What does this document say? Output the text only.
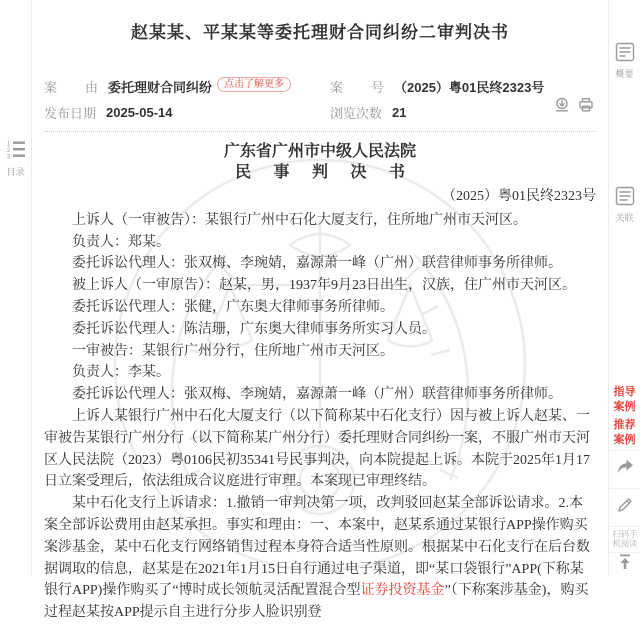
1
2
3
目录
概要
关联
指导案例
推荐案例
扫码手机阅读
赵某某、平某某等委托理财合同纠纷二审判决书
案由 委托理财合同纠纷	点击了解更多	案号 （2025）粤01民终2323号
发布日期 2025-05-14	浏览次数 21
广东省广州市中级人民法院
民 事 判 决 书
（2025）粤01民终2323号

上诉人（一审被告）：某银行广州中石化大厦支行，住所地广州市天河区。

负责人：郑某。

委托诉讼代理人：张双梅、李琬婧，嘉源萧一峰（广州）联营律师事务所律师。

被上诉人（一审原告）：赵某，男，1937年9月23日出生，汉族，住广州市天河区。

委托诉讼代理人：张健，广东奥大律师事务所律师。

委托诉讼代理人：陈洁珊，广东奥大律师事务所实习人员。

一审被告：某银行广州分行，住所地广州市天河区。

负责人：李某。

委托诉讼代理人：张双梅、李琬婧，嘉源萧一峰（广州）联营律师事务所律师。

上诉人某银行广州中石化大厦支行（以下简称某中石化支行）因与被上诉人赵某、一审被告某银行广州分行（以下简称某广州分行）委托理财合同纠纷一案，不服广州市天河区人民法院（2023）粤0106民初35341号民事判决，向本院提起上诉。本院于2025年1月17日立案受理后，依法组成合议庭进行审理。本案现已审理终结。

某中石化支行上诉请求：1.撤销一审判决第一项，改判驳回赵某全部诉讼请求。2.本案全部诉讼费用由赵某承担。事实和理由：一、本案中，赵某系通过某银行APP操作购买案涉基金，某中石化支行网络销售过程本身符合适当性原则。根据某中石化支行在后台数据调取的信息，赵某是在2021年1月15日自行通过电子渠道，即“某口袋银行”APP(下称某银行APP)操作购买了“博时成长领航灵活配置混合型证券投资基金”（下称案涉基金)，购买过程赵某按APP提示自主进行分步人脸识别登
